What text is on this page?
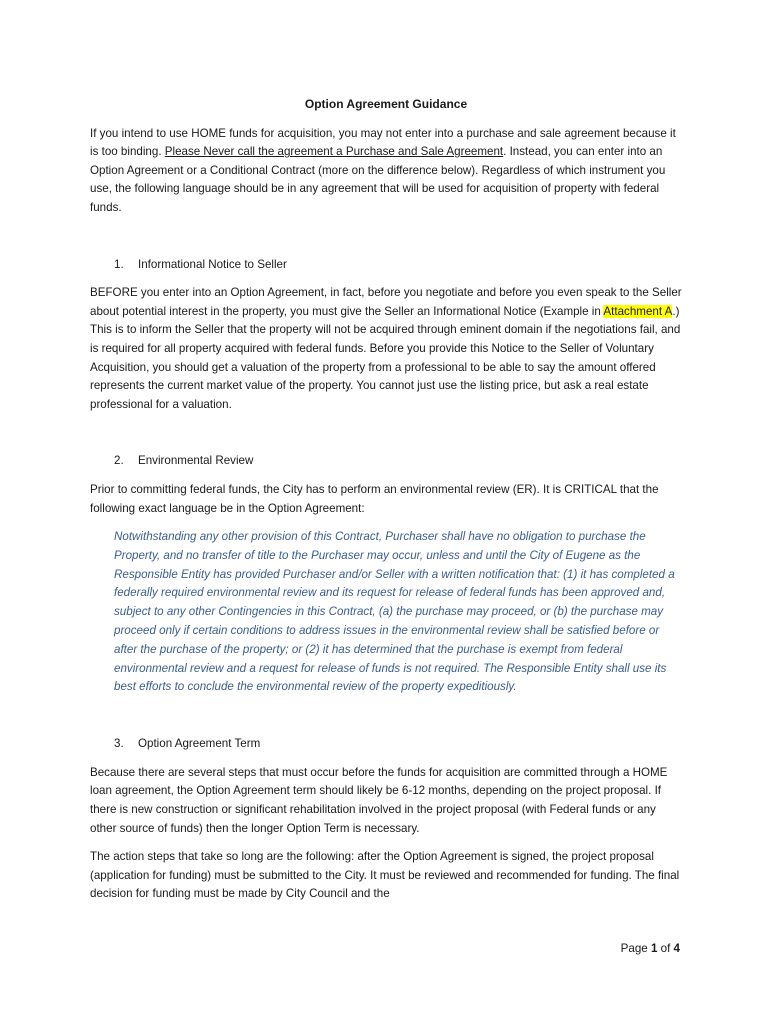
Option Agreement Guidance

If you intend to use HOME funds for acquisition, you may not enter into a purchase and sale agreement because it is too binding. Please Never call the agreement a Purchase and Sale Agreement. Instead, you can enter into an Option Agreement or a Conditional Contract (more on the difference below). Regardless of which instrument you use, the following language should be in any agreement that will be used for acquisition of property with federal funds.

1. Informational Notice to Seller

BEFORE you enter into an Option Agreement, in fact, before you negotiate and before you even speak to the Seller about potential interest in the property, you must give the Seller an Informational Notice (Example in Attachment A.) This is to inform the Seller that the property will not be acquired through eminent domain if the negotiations fail, and is required for all property acquired with federal funds. Before you provide this Notice to the Seller of Voluntary Acquisition, you should get a valuation of the property from a professional to be able to say the amount offered represents the current market value of the property. You cannot just use the listing price, but ask a real estate professional for a valuation.

2. Environmental Review

Prior to committing federal funds, the City has to perform an environmental review (ER). It is CRITICAL that the following exact language be in the Option Agreement:

Notwithstanding any other provision of this Contract, Purchaser shall have no obligation to purchase the Property, and no transfer of title to the Purchaser may occur, unless and until the City of Eugene as the Responsible Entity has provided Purchaser and/or Seller with a written notification that: (1) it has completed a federally required environmental review and its request for release of federal funds has been approved and, subject to any other Contingencies in this Contract, (a) the purchase may proceed, or (b) the purchase may proceed only if certain conditions to address issues in the environmental review shall be satisfied before or after the purchase of the property; or (2) it has determined that the purchase is exempt from federal environmental review and a request for release of funds is not required. The Responsible Entity shall use its best efforts to conclude the environmental review of the property expeditiously.

3. Option Agreement Term

Because there are several steps that must occur before the funds for acquisition are committed through a HOME loan agreement, the Option Agreement term should likely be 6-12 months, depending on the project proposal. If there is new construction or significant rehabilitation involved in the project proposal (with Federal funds or any other source of funds) then the longer Option Term is necessary.

The action steps that take so long are the following: after the Option Agreement is signed, the project proposal (application for funding) must be submitted to the City. It must be reviewed and recommended for funding. The final decision for funding must be made by City Council and the

Page 1 of 4
